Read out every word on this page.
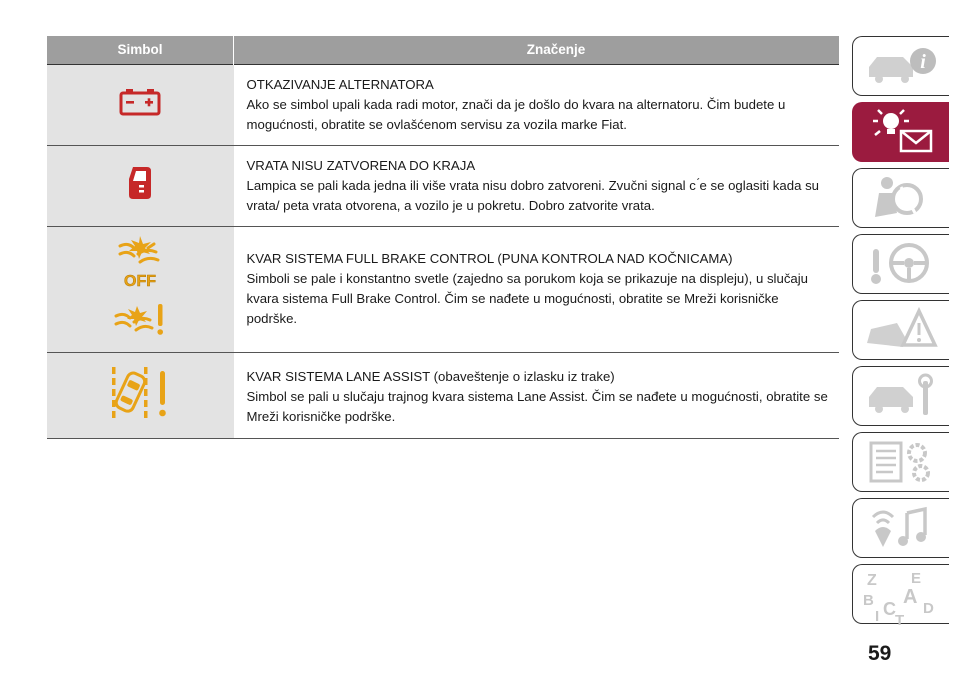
Simbol	Značenje

OTKAZIVANJE ALTERNATORA

Ako se simbol upali kada radi motor, znači da je došlo do kvara na alternatoru. Čim budete u mogućnosti, obratite se ovlašćenom servisu za vozila marke Fiat.

VRATA NISU ZATVORENA DO KRAJA

Lampica se pali kada jedna ili više vrata nisu dobro zatvoreni. Zvučni signal c ́e se oglasiti kada su vrata/ peta vrata otvorena, a vozilo je u pokretu. Dobro zatvorite vrata.

OFF	KVAR SISTEMA FULL BRAKE CONTROL (PUNA KONTROLA NAD KOČNICAMA)

Simboli se pale i konstantno svetle (zajedno sa porukom koja se prikazuje na displeju), u slučaju kvara sistema Full Brake Control. Čim se nađete u mogućnosti, obratite se Mreži korisničke podrške.

KVAR SISTEMA LANE ASSIST (obaveštenje o izlasku iz trake)

Simbol se pali u slučaju trajnog kvara sistema Lane Assist. Čim se nađete u mogućnosti, obratite se Mreži korisničke podrške.

i
Z E
B A
C D
I T
59
